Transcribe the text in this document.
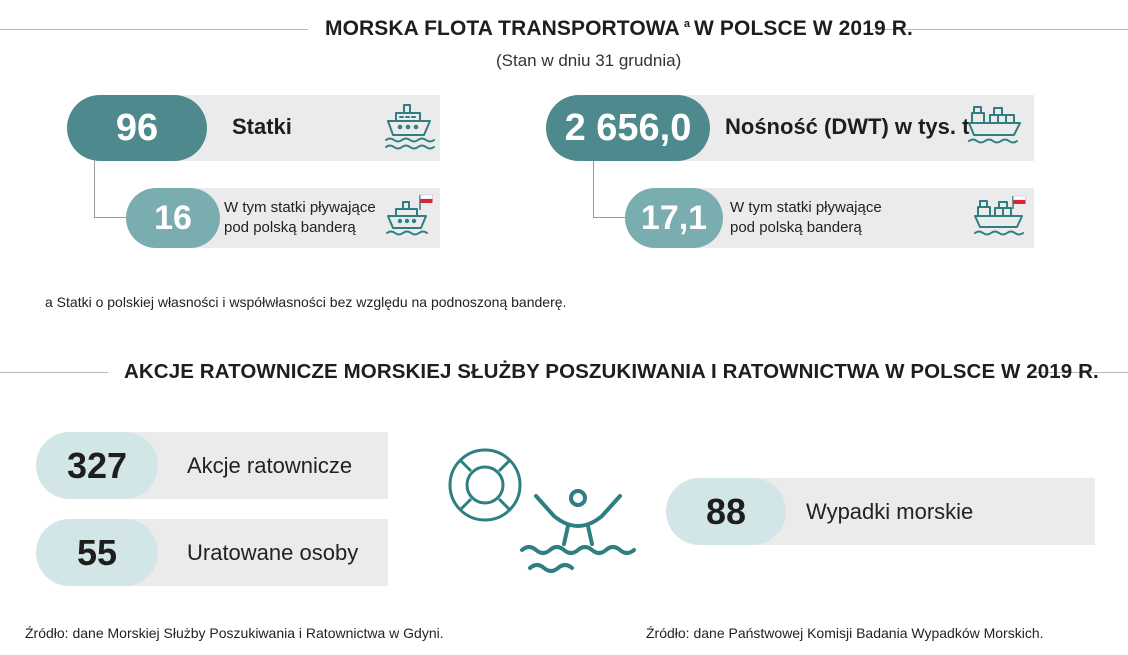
MORSKA FLOTA TRANSPORTOWA $^a$ W POLSCE W 2019 R.
(Stan w dniu 31 grudnia)
96	Statki
16 W tym statki pływające
pod polską banderą
2 656,0 Nośność (DWT) w tys. t
17,1 W tym statki pływające
pod polską banderą
a Statki o polskiej własności i współwłasności bez względu na podnoszoną banderę.
AKCJE RATOWNICZE MORSKIEJ SŁUŻBY POSZUKIWANIA I RATOWNICTWA W POLSCE W 2019 R.
327	Akcje ratownicze
55	Uratowane osoby
88	Wypadki morskie
Źródło: dane Morskiej Służby Poszukiwania i Ratownictwa w Gdyni.	Źródło: dane Państwowej Komisji Badania Wypadków Morskich.
